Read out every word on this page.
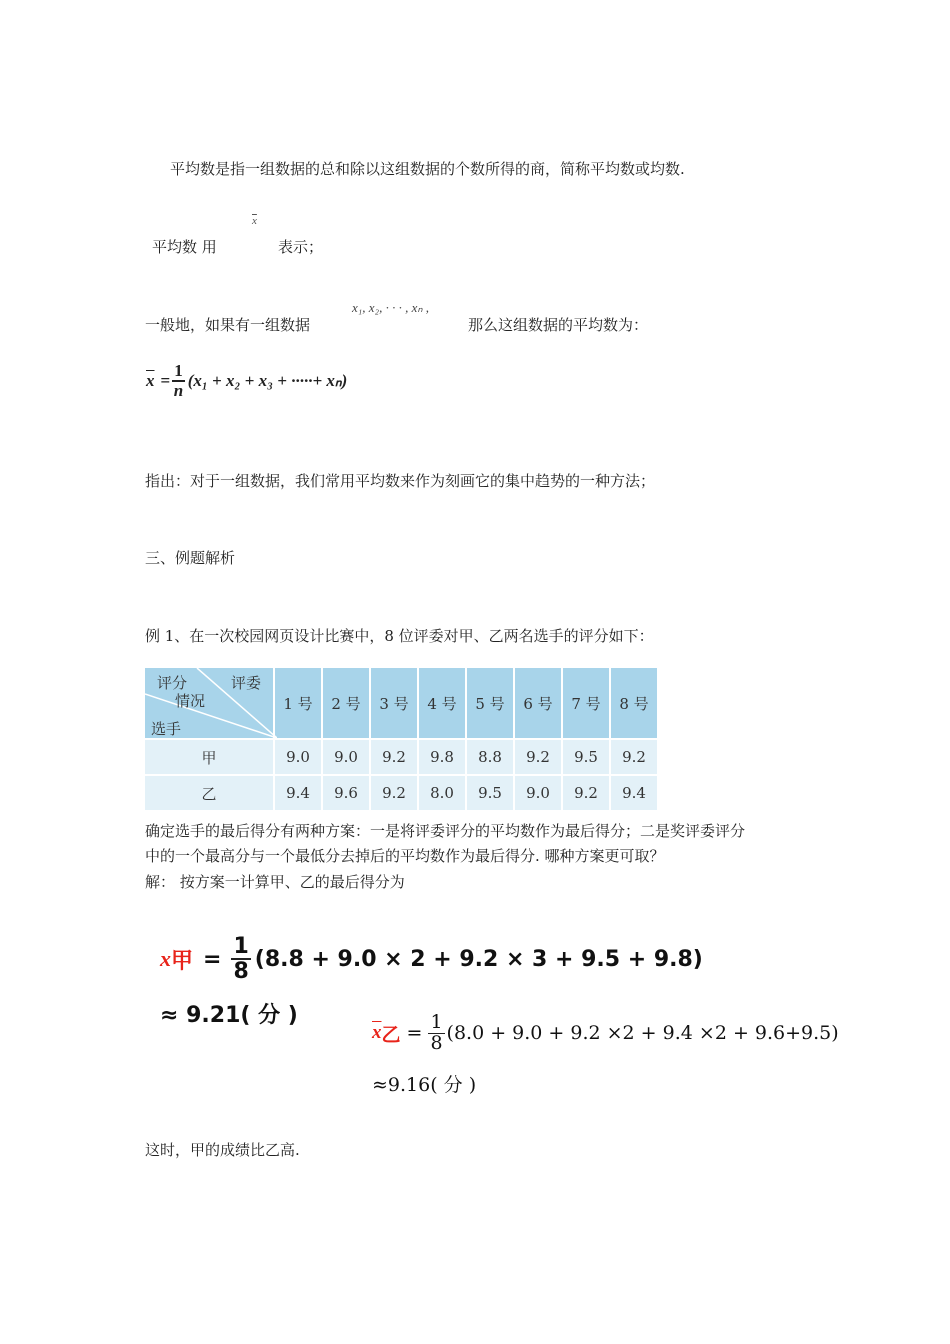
平均数是指一组数据的总和除以这组数据的个数所得的商，简称平均数或均数.
平均数 用
$\overline{x}$
表示；
一般地，如果有一组数据
x₁, x₂, · · · , xₙ ,
那么这组数据的平均数为：
$\overline{x} = \frac{1}{n} (x_1 + x_2 + x_3$ + ·····+ xₙ)
指出：对于一组数据，我们常用平均数来作为刻画它的集中趋势的一种方法；
三、例题解析
例 1、在一次校园网页设计比赛中，8 位评委对甲、乙两名选手的评分如下：
评委
评分
情况
选手	1 号	2 号	3 号	4 号	5 号	6 号	7 号	8 号
甲	9.0	9.0	9.2	9.8	8.8	9.2	9.5	9.2
乙	9.4	9.6	9.2	8.0	9.5	9.0	9.2	9.4
确定选手的最后得分有两种方案：一是将评委评分的平均数作为最后得分；二是奖评委评分
中的一个最高分与一个最低分去掉后的平均数作为最后得分. 哪种方案更可取？
解： 按方案一计算甲、乙的最后得分为
x 甲 = $\frac{1}{8} (8.8 + 9.0 \times 2 + 9.2 \times 3 + 9.5 + 9.8)$
≈ 9.21( 分 )
$\overline{x}$ 乙 = $\frac{1}{8} (8.0 + 9.0 + 9.2 \times 2 + 9.4 \times 2 + 9.6+9.5)$
≈9.16( 分 )
这时，甲的成绩比乙高.
